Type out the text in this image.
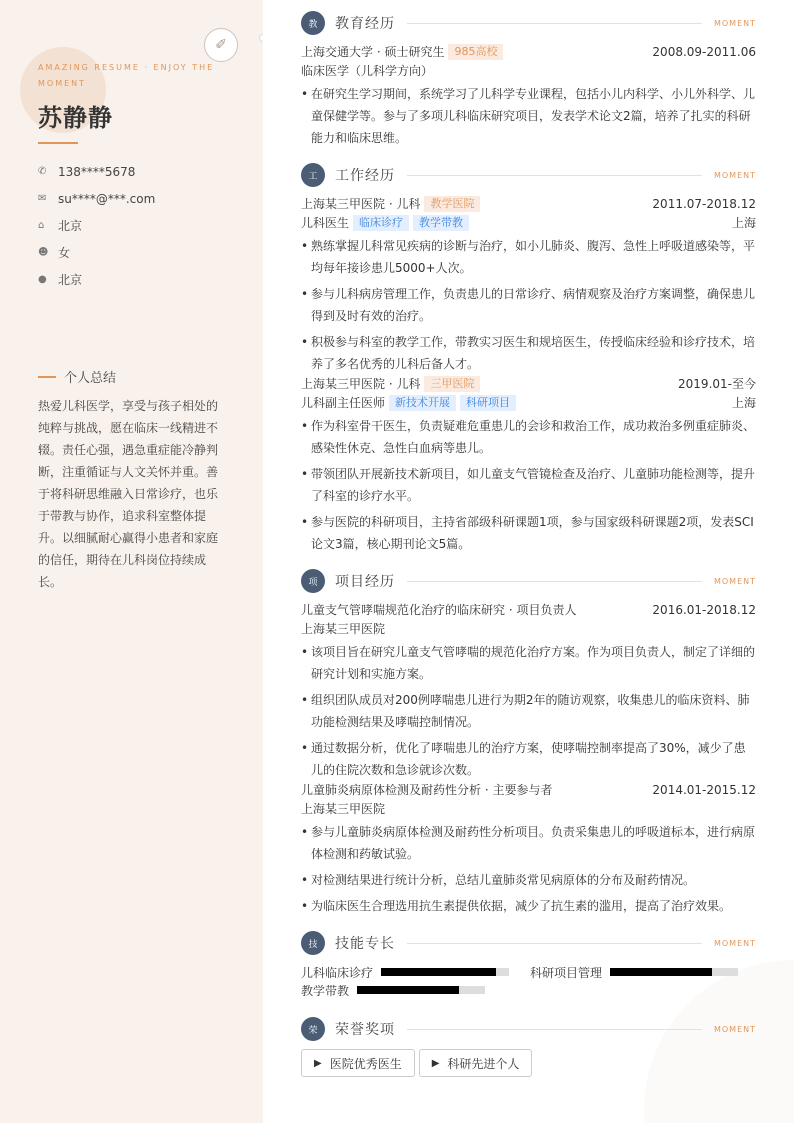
✐
AMAZING RESUME · ENJOY THE MOMENT
苏静静
✆ 138****5678
✉ su****@***.com
⌂	北京
☻ 女
● 北京
个人总结

热爱儿科医学，享受与孩子相处的纯粹与挑战，愿在临床一线精进不辍。责任心强，遇急重症能冷静判断，注重循证与人文关怀并重。善于将科研思维融入日常诊疗，也乐于带教与协作，追求科室整体提升。以细腻耐心赢得小患者和家庭的信任，期待在儿科岗位持续成长。

教	教育经历	MOMENT
上海交通大学 · 硕士研究生 985高校	2008.09-2011.06
临床医学（儿科学方向）
• 在研究生学习期间，系统学习了儿科学专业课程，包括小儿内科学、小儿外科学、儿童保健学等。参与了多项儿科临床研究项目，发表学术论文2篇，培养了扎实的科研能力和临床思维。
工	工作经历	MOMENT
上海某三甲医院 · 儿科 教学医院	2011.07-2018.12
儿科医生 临床诊疗	教学带教	上海
• 熟练掌握儿科常见疾病的诊断与治疗，如小儿肺炎、腹泻、急性上呼吸道感染等，平均每年接诊患儿5000+人次。
• 参与儿科病房管理工作，负责患儿的日常诊疗、病情观察及治疗方案调整，确保患儿得到及时有效的治疗。
• 积极参与科室的教学工作，带教实习医生和规培医生，传授临床经验和诊疗技术，培养了多名优秀的儿科后备人才。
上海某三甲医院 · 儿科 三甲医院	2019.01-至今
儿科副主任医师 新技术开展	科研项目	上海
• 作为科室骨干医生，负责疑难危重患儿的会诊和救治工作，成功救治多例重症肺炎、感染性休克、急性白血病等患儿。
• 带领团队开展新技术新项目，如儿童支气管镜检查及治疗、儿童肺功能检测等，提升了科室的诊疗水平。
• 参与医院的科研项目，主持省部级科研课题1项，参与国家级科研课题2项，发表SCI论文3篇，核心期刊论文5篇。
项	项目经历	MOMENT
儿童支气管哮喘规范化治疗的临床研究 · 项目负责人	2016.01-2018.12
上海某三甲医院
• 该项目旨在研究儿童支气管哮喘的规范化治疗方案。作为项目负责人，制定了详细的研究计划和实施方案。
• 组织团队成员对200例哮喘患儿进行为期2年的随访观察，收集患儿的临床资料、肺功能检测结果及哮喘控制情况。
• 通过数据分析，优化了哮喘患儿的治疗方案，使哮喘控制率提高了30%，减少了患儿的住院次数和急诊就诊次数。
儿童肺炎病原体检测及耐药性分析 · 主要参与者	2014.01-2015.12
上海某三甲医院
• 参与儿童肺炎病原体检测及耐药性分析项目。负责采集患儿的呼吸道标本，进行病原体检测和药敏试验。
• 对检测结果进行统计分析，总结儿童肺炎常见病原体的分布及耐药情况。
• 为临床医生合理选用抗生素提供依据，减少了抗生素的滥用，提高了治疗效果。
技	技能专长	MOMENT
儿科临床诊疗	科研项目管理
教学带教
荣	荣誉奖项	MOMENT
▶ 医院优秀医生	▶ 科研先进个人
